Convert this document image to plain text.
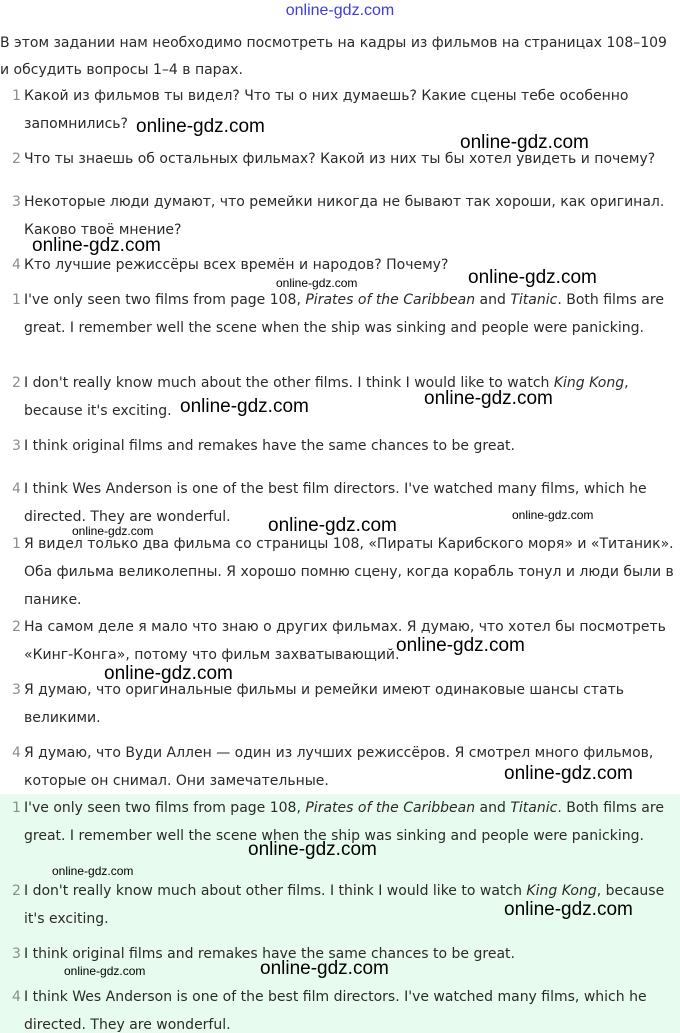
online-gdz.com
В этом задании нам необходимо посмотреть на кадры из фильмов на страницах 108–109 и обсудить вопросы 1–4 в парах.
1 Какой из фильмов ты видел? Что ты о них думаешь? Какие сцены тебе особенно запомнились?
2 Что ты знаешь об остальных фильмах? Какой из них ты бы хотел увидеть и почему?
3 Некоторые люди думают, что ремейки никогда не бывают так хороши, как оригинал. Каково твоё мнение?
4 Кто лучшие режиссёры всех времён и народов? Почему?
1 I've only seen two films from page 108, Pirates of the Caribbean and Titanic. Both films are great. I remember well the scene when the ship was sinking and people were panicking.
2 I don't really know much about the other films. I think I would like to watch King Kong, because it's exciting.
3 I think original films and remakes have the same chances to be great.
4 I think Wes Anderson is one of the best film directors. I've watched many films, which he directed. They are wonderful.
1 Я видел только два фильма со страницы 108, «Пираты Карибского моря» и «Титаник». Оба фильма великолепны. Я хорошо помню сцену, когда корабль тонул и люди были в панике.
2 На самом деле я мало что знаю о других фильмах. Я думаю, что хотел бы посмотреть «Кинг-Конга», потому что фильм захватывающий.
3 Я думаю, что оригинальные фильмы и ремейки имеют одинаковые шансы стать великими.
4 Я думаю, что Вуди Аллен — один из лучших режиссёров. Я смотрел много фильмов, которые он снимал. Они замечательные.
1 I've only seen two films from page 108, Pirates of the Caribbean and Titanic. Both films are great. I remember well the scene when the ship was sinking and people were panicking.
2 I don't really know much about other films. I think I would like to watch King Kong, because it's exciting.
3 I think original films and remakes have the same chances to be great.
4 I think Wes Anderson is one of the best film directors. I've watched many films, which he directed. They are wonderful.
online-gdz.com
online-gdz.com
online-gdz.com
online-gdz.com
online-gdz.com
online-gdz.com	online-gdz.com
online-gdz.com
online-gdz.com
online-gdz.com
online-gdz.com
online-gdz.com
online-gdz.com
online-gdz.com
online-gdz.com
online-gdz.com
online-gdz.com	online-gdz.com
